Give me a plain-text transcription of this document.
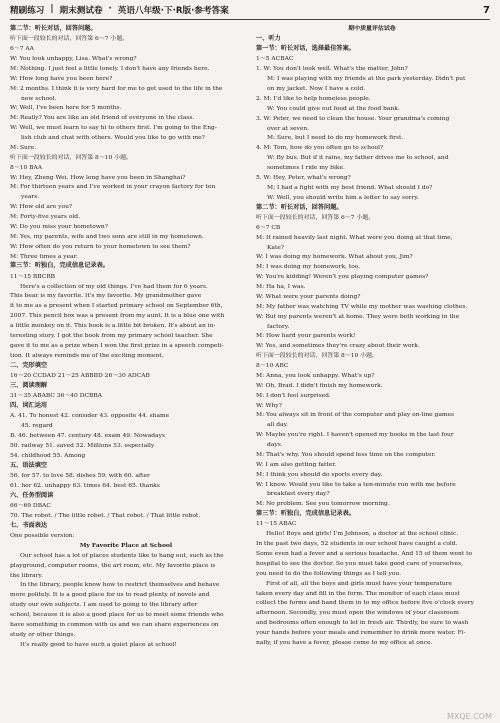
精刷练习 | 期末测试卷 · 英语八年级·下·R版·参考答案	7
第二节：听长对话，回答问题。
听下面一段较长的对话，回答第 6～7 小题。
6～7 AA
W: You look unhappy, Lisa. What's wrong?
M: Nothing. I just feel a little lonely. I don't have any friends here.
W: How long have you been here?
M: 2 months. I think it is very hard for me to get used to the life in the
new school.
W: Well, I've been here for 5 months.
M: Really? You are like an old friend of everyone in the class.
W: Well, we must learn to say hi to others first. I'm going to the Eng-
lish club and chat with others. Would you like to go with me?
M: Sure.
听下面一段较长的对话，回答第 8～10 小题。
8～10 BAA
W: Hey, Zheng Wei. How long have you been in Shanghai?
M: For thirteen years and I've worked in your crayon factory for ten
years.
W: How old are you?
M: Forty-five years old.
W: Do you miss your hometown?
M: Yes, my parents, wife and two sons are still in my hometown.
W: How often do you return to your hometown to see them?
M: Three times a year.
第三节：听独白，完成信息记录表。
11～15 BBCBB
Here's a collection of my old things. I've had them for 6 years.
This bear is my favorite. It's my favorite. My grandmother gave
it to me as a present when I started primary school on September 6th,
2007. This pencil box was a present from my aunt. It is a blue one with
a little monkey on it. This book is a little bit broken. It's about an in-
teresting story. I got the book from my primary school teacher. She
gave it to me as a prize when I won the first prize in a speech competi-
tion. It always reminds me of the exciting moment.
二、完形填空
16～20 CCDAD 21～25 ABBBD 26～30 ADCAB
三、阅读理解
31～35 ABABC 36～40 DCBBA
四、词汇运用
A. 41. To honest 42. consider 43. opposite 44. shame
45. regard
B. 46. between 47. century 48. exam 49. Nowadays
50. railway 51. saved 52. Millions 53. especially
54. childhood 55. Among
五、语法填空
56. for 57. to love 58. dishes 59. with 60. after
61. her 62. unhappy 63. times 64. best 65. thanks
六、任务型阅读
66～69 DBAC
70. The robot. / The little robot. / That robot. / That little robot.
七、书面表达
One possible version:
My Favorite Place at School
Our school has a lot of places students like to hang out, such as the
playground, computer rooms, the art room, etc. My favorite place is
the library.
In the library, people know how to restrict themselves and behave
more politely. It is a good place for us to read plenty of novels and
study our own subjects. I am used to going to the library after
school, because it is also a good place for us to meet some friends who
have something in common with us and we can share experiences on
study or other things.
It's really good to have such a quiet place at school!
期中质量评估试卷
一、听力
第一节：听长对话，选择最佳答案。
1～5 ACBAC
1. W: You don't look well. What's the matter, John?
M: I was playing with my friends at the park yesterday. Didn't put
on my jacket. Now I have a cold.
2. M: I'd like to help homeless people.
W: You could give out food at the food bank.
3. W: Peter, we need to clean the house. Your grandma's coming
over at seven.
M: Sure, but I need to do my homework first.
4. M: Tom, how do you often go to school?
W: By bus. But if it rains, my father drives me to school, and
sometimes I ride my bike.
5. W: Hey, Peter, what's wrong?
M: I had a fight with my best friend. What should I do?
W: Well, you should write him a letter to say sorry.
第二节：听长对话，回答问题。
听下面一段较长的对话，回答第 6～7 小题。
6～7 CB
M: It rained heavily last night. What were you doing at that time,
Kate?
W: I was doing my homework. What about you, Jim?
M: I was doing my homework, too.
W: You're kidding! Weren't you playing computer games?
M: Ha ha, I was.
W: What were your parents doing?
M: My father was watching TV while my mother was washing clothes.
W: But my parents weren't at home. They were both working in the
factory.
M: How hard your parents work!
W: Yes, and sometimes they're crazy about their work.
听下面一段较长的对话，回答第 8～10 小题。
8～10 ABC
M: Anna, you look unhappy. What's up?
W: Oh, Brad. I didn't finish my homework.
M: I don't feel surprised.
W: Why?
M: You always sit in front of the computer and play on-line games
all day.
W: Maybe you're right. I haven't opened my books in the last four
days.
M: That's why. You should spend less time on the computer.
W: I am also getting fatter.
M: I think you should do sports every day.
W: I know. Would you like to take a ten-minute run with me before
breakfast every day?
M: No problem. See you tomorrow morning.
第三节：听独白，完成信息记录表。
11～15 ABAC
Hello! Boys and girls! I'm Johnson, a doctor at the school clinic.
In the past two days, 52 students in our school have caught a cold.
Some even had a fever and a serious headache. And 15 of them went to
hospital to see the doctor. So you must take good care of yourselves,
you need to do the following things as I tell you.
First of all, all the boys and girls must have your temperature
taken every day and fill in the form. The monitor of each class must
collect the forms and hand them in to my office before five o'clock every
afternoon. Secondly, you must open the windows of your classroom
and bedrooms often enough to let in fresh air. Thirdly, be sure to wash
your hands before your meals and remember to drink more water. Fi-
nally, if you have a fever, please come to my office at once.
MXQE.COM
